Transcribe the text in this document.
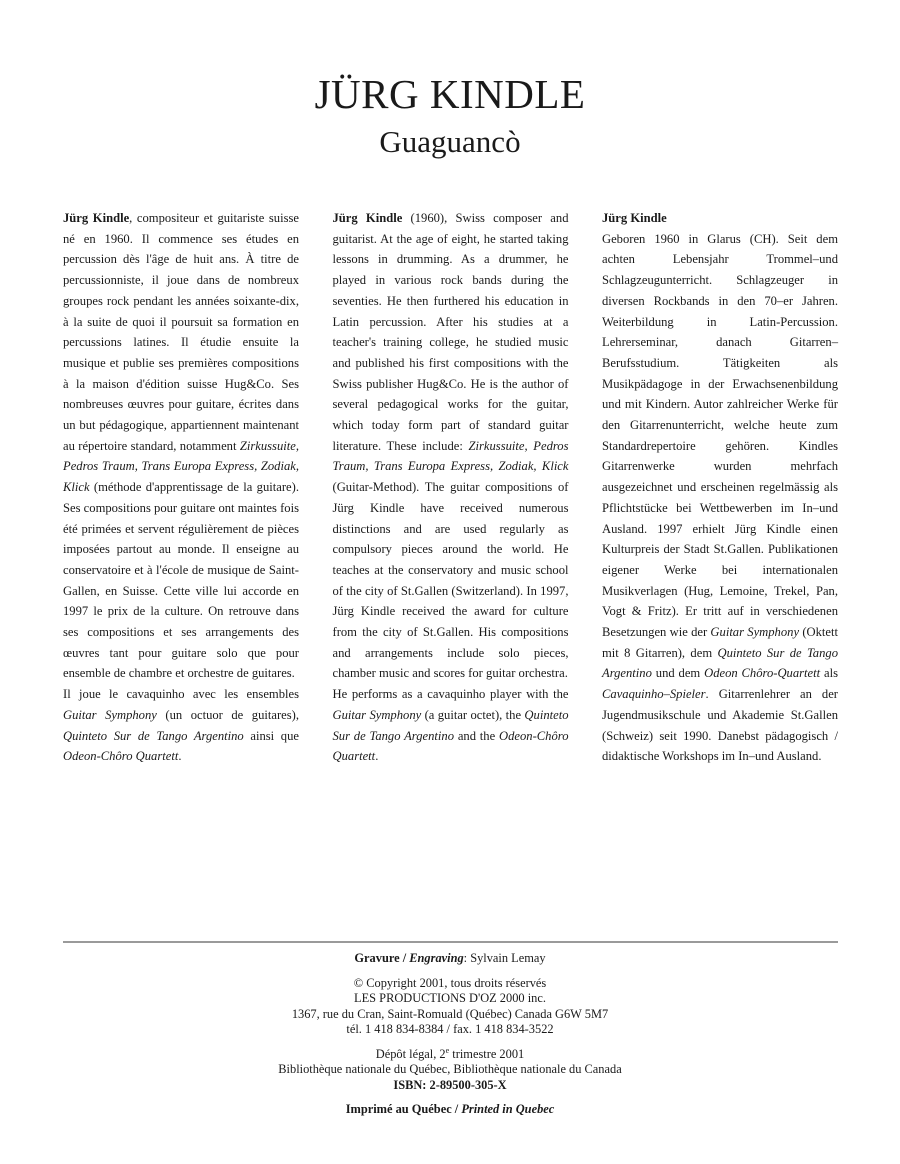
JÜRG KINDLE
Guaguancò

Jürg Kindle, compositeur et guitariste suisse né en 1960. Il commence ses études en percussion dès l'âge de huit ans. À titre de percussionniste, il joue dans de nombreux groupes rock pendant les années soixante-dix, à la suite de quoi il poursuit sa formation en percussions latines. Il étudie ensuite la musique et publie ses premières compositions à la maison d'édition suisse Hug&Co. Ses nombreuses œuvres pour guitare, écrites dans un but pédagogique, appartiennent maintenant au répertoire standard, notamment Zirkussuite, Pedros Traum, Trans Europa Express, Zodiak, Klick (méthode d'apprentissage de la guitare). Ses compositions pour guitare ont maintes fois été primées et servent régulièrement de pièces imposées partout au monde. Il enseigne au conservatoire et à l'école de musique de Saint-Gallen, en Suisse. Cette ville lui accorde en 1997 le prix de la culture. On retrouve dans ses compositions et ses arrangements des œuvres tant pour guitare solo que pour ensemble de chambre et orchestre de guitares.

Il joue le cavaquinho avec les ensembles Guitar Symphony (un octuor de guitares), Quinteto Sur de Tango Argentino ainsi que Odeon-Chôro Quartett.

Jürg Kindle (1960), Swiss composer and guitarist. At the age of eight, he started taking lessons in drumming. As a drummer, he played in various rock bands during the seventies. He then furthered his education in Latin percussion. After his studies at a teacher's training college, he studied music and published his first compositions with the Swiss publisher Hug&Co. He is the author of several pedagogical works for the guitar, which today form part of standard guitar literature. These include: Zirkussuite, Pedros Traum, Trans Europa Express, Zodiak, Klick (Guitar-Method). The guitar compositions of Jürg Kindle have received numerous distinctions and are used regularly as compulsory pieces around the world. He teaches at the conservatory and music school of the city of St.Gallen (Switzerland). In 1997, Jürg Kindle received the award for culture from the city of St.Gallen. His compositions and arrangements include solo pieces, chamber music and scores for guitar orchestra.

He performs as a cavaquinho player with the Guitar Symphony (a guitar octet), the Quinteto Sur de Tango Argentino and the Odeon-Chôro Quartett.

Jürg Kindle

Geboren 1960 in Glarus (CH). Seit dem achten Lebensjahr Trommel–und Schlagzeugunterricht. Schlagzeuger in diversen Rockbands in den 70–er Jahren. Weiterbildung in Latin-Percussion. Lehrerseminar, danach Gitarren–Berufsstudium. Tätigkeiten als Musikpädagoge in der Erwachsenenbildung und mit Kindern. Autor zahlreicher Werke für den Gitarrenunterricht, welche heute zum Standardrepertoire gehören. Kindles Gitarrenwerke wurden mehrfach ausgezeichnet und erscheinen regelmässig als Pflichtstücke bei Wettbewerben im In–und Ausland. 1997 erhielt Jürg Kindle einen Kulturpreis der Stadt St.Gallen. Publikationen eigener Werke bei internationalen Musikverlagen (Hug, Lemoine, Trekel, Pan, Vogt & Fritz). Er tritt auf in verschiedenen Besetzungen wie der Guitar Symphony (Oktett mit 8 Gitarren), dem Quinteto Sur de Tango Argentino und dem Odeon Chôro-Quartett als Cavaquinho–Spieler. Gitarrenlehrer an der Jugendmusikschule und Akademie St.Gallen (Schweiz) seit 1990. Danebst pädagogisch / didaktische Workshops im In–und Ausland.

Gravure / Engraving: Sylvain Lemay
© Copyright 2001, tous droits réservés
LES PRODUCTIONS D'OZ 2000 inc.
1367, rue du Cran, Saint-Romuald (Québec) Canada G6W 5M7
tél. 1 418 834-8384 / fax. 1 418 834-3522
Dépôt légal, 2e trimestre 2001
Bibliothèque nationale du Québec, Bibliothèque nationale du Canada
ISBN: 2-89500-305-X
Imprimé au Québec / Printed in Quebec
